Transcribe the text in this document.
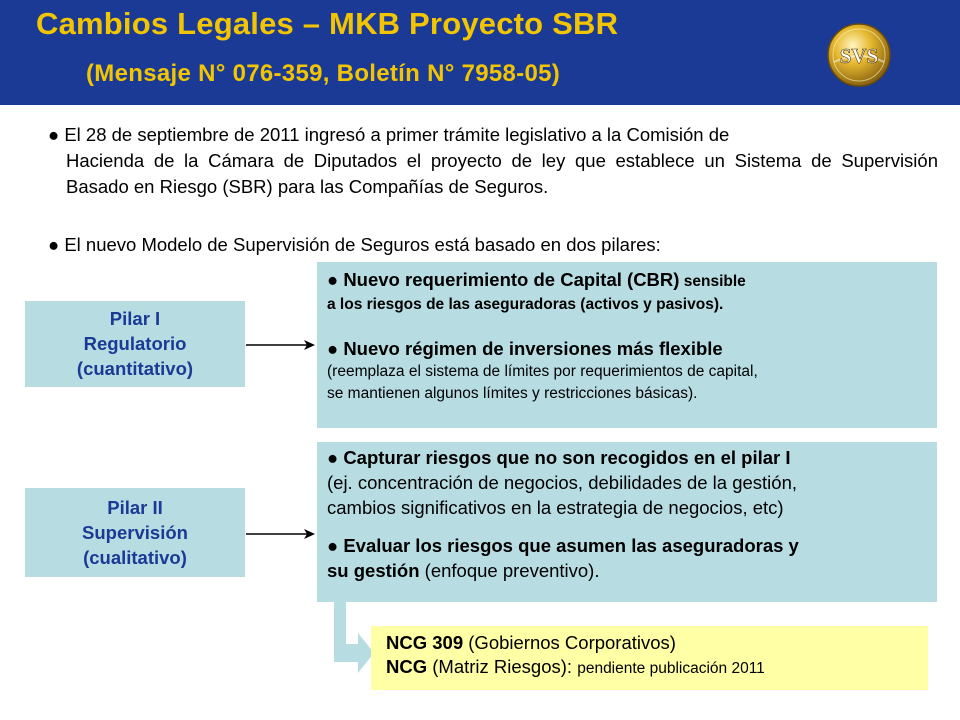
Cambios Legales – MKB Proyecto SBR
(Mensaje N° 076-359, Boletín N° 7958-05)
SVS
● El 28 de septiembre de 2011 ingresó a primer trámite legislativo a la Comisión de
Hacienda de la Cámara de Diputados el proyecto de ley que establece un Sistema de Supervisión Basado en Riesgo (SBR) para las Compañías de Seguros.
● El nuevo Modelo de Supervisión de Seguros está basado en dos pilares:
Pilar I
Regulatorio
(cuantitativo)
● Nuevo requerimiento de Capital (CBR) sensible
a los riesgos de las aseguradoras (activos y pasivos).
● Nuevo régimen de inversiones más flexible
(reemplaza el sistema de límites por requerimientos de capital,
se mantienen algunos límites y restricciones básicas).
Pilar II
Supervisión
(cualitativo)
● Capturar riesgos que no son recogidos en el pilar I
(ej. concentración de negocios, debilidades de la gestión,
cambios significativos en la estrategia de negocios, etc)
● Evaluar los riesgos que asumen las aseguradoras y
su gestión (enfoque preventivo).
NCG 309 (Gobiernos Corporativos)
NCG (Matriz Riesgos): pendiente publicación 2011
